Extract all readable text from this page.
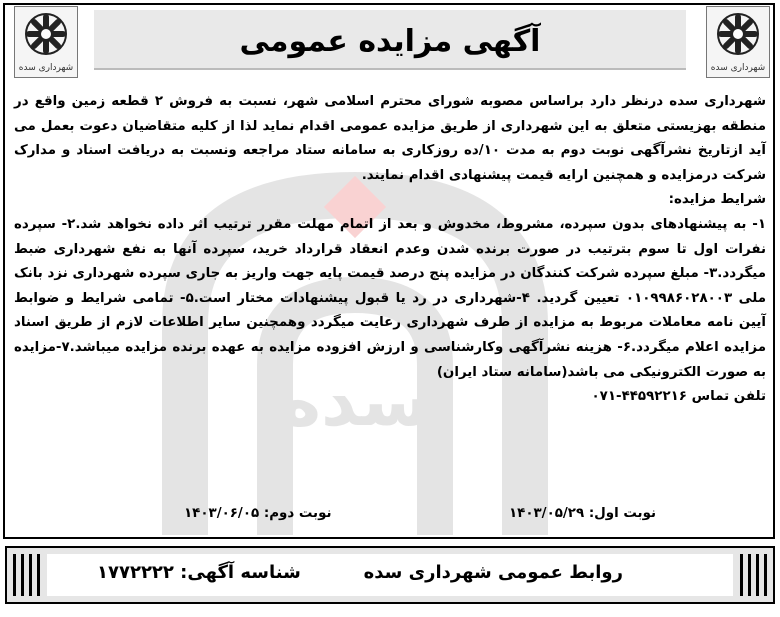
سده
شهرداری سده
شهرداری سده
آگهی مزایده عمومی

شهرداری سده درنظر دارد براساس مصوبه شورای محترم اسلامی شهر، نسبت به فروش ۲ قطعه زمین واقع در منطقه بهزیستی متعلق به این شهرداری از طریق مزایده عمومی اقدام نماید لذا از کلیه متقاضیان دعوت بعمل می آید ازتاریخ نشرآگهی نوبت دوم به مدت ۱۰/ده روزکاری به سامانه ستاد مراجعه ونسبت به دریافت اسناد و مدارک شرکت درمزایده و همچنین ارایه قیمت پیشنهادی اقدام نمایند.

شرایط مزایده:

۱- به پیشنهادهای بدون سپرده، مشروط، مخدوش و بعد از اتمام مهلت مقرر ترتیب اثر داده نخواهد شد.۲- سپرده نفرات اول تا سوم بترتیب در صورت برنده شدن وعدم انعقاد قرارداد خرید، سپرده آنها به نفع شهرداری ضبط میگردد.۳- مبلغ سپرده شرکت کنندگان در مزایده پنج درصد قیمت پایه جهت واریز به جاری سپرده شهرداری نزد بانک ملی ۰۱۰۹۹۸۶۰۲۸۰۰۳ تعیین گردید. ۴-شهرداری در رد یا قبول پیشنهادات مختار است.۵- تمامی شرایط و ضوابط آیین نامه معاملات مربوط به مزایده از طرف شهرداری رعایت میگردد وهمچنین سایر اطلاعات لازم از طریق اسناد مزایده اعلام میگردد.۶- هزینه نشرآگهی وکارشناسی و ارزش افزوده مزایده به عهده برنده مزایده میباشد.۷-مزایده به صورت الکترونیکی می باشد(سامانه ستاد ایران)

تلفن تماس ۴۴۵۹۲۲۱۶-۰۷۱

نوبت اول: ۱۴۰۳/۰۵/۲۹
نوبت دوم: ۱۴۰۳/۰۶/۰۵
روابط عمومی شهرداری سده
شناسه آگهی: ۱۷۷۲۲۲۲
